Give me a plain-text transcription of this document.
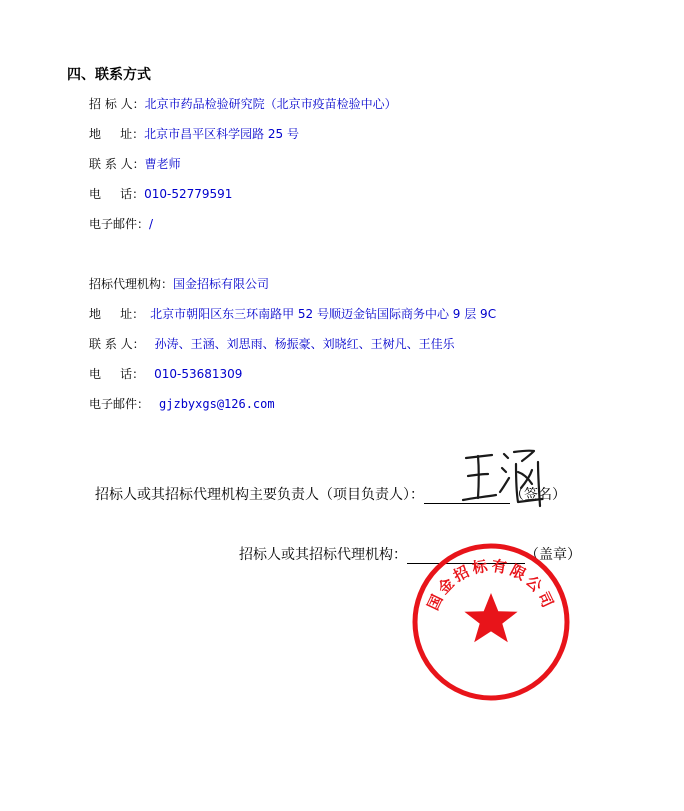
四、联系方式
招 标 人：北京市药品检验研究院（北京市疫苗检验中心）
地     址：北京市昌平区科学园路 25 号
联 系 人：曹老师
电     话：010-52779591
电子邮件：/
招标代理机构：国金招标有限公司
地     址： 北京市朝阳区东三环南路甲 52 号顺迈金钻国际商务中心 9 层 9C
联 系 人： 孙涛、王涵、刘思雨、杨振豪、刘晓红、王树凡、王佳乐
电     话： 010-53681309
电子邮件： gjzbyxgs@126.com
招标人或其招标代理机构主要负责人（项目负责人）：	（签名）
招标人或其招标代理机构：	（盖章）
国金招标有限公司
